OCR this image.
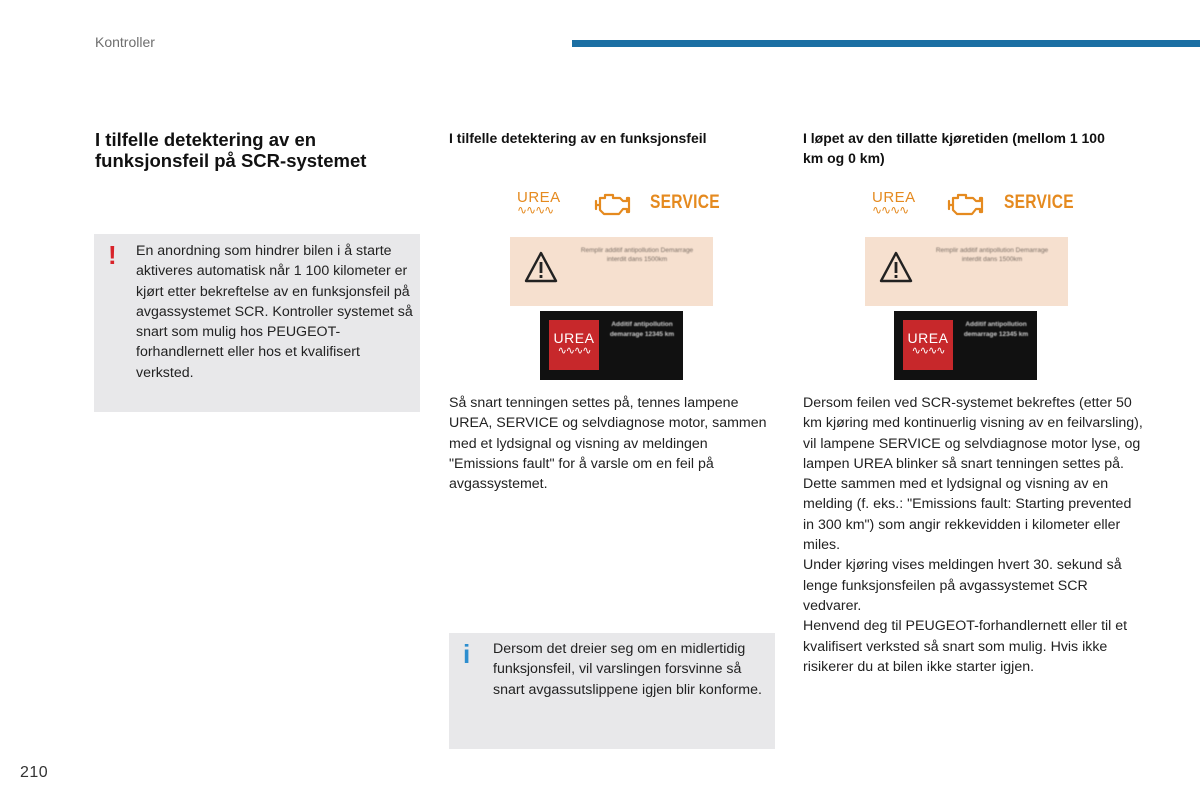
Kontroller
I tilfelle detektering av en funksjonsfeil på SCR-systemet
! En anordning som hindrer bilen i å starte aktiveres automatisk når 1 100 kilometer er kjørt etter bekreftelse av en funksjonsfeil på avgassystemet SCR. Kontroller systemet så snart som mulig hos PEUGEOT-forhandlernett eller hos et kvalifisert verksted.
I tilfelle detektering av en funksjonsfeil
UREA
∿∿∿∿	SERVICE
Remplir additif antipollution Demarrage interdit dans 1500km
UREA
∿∿∿∿
Additif antipollution demarrage 12345 km
Så snart tenningen settes på, tennes lampene UREA, SERVICE og selvdiagnose motor, sammen med et lydsignal og visning av meldingen "Emissions fault" for å varsle om en feil på avgassystemet.
i Dersom det dreier seg om en midlertidig funksjonsfeil, vil varslingen forsvinne så snart avgassutslippene igjen blir konforme.
I løpet av den tillatte kjøretiden (mellom 1 100 km og 0 km)
UREA
∿∿∿∿	SERVICE
Remplir additif antipollution Demarrage interdit dans 1500km
UREA
∿∿∿∿
Additif antipollution demarrage 12345 km
Dersom feilen ved SCR-systemet bekreftes (etter 50 km kjøring med kontinuerlig visning av en feilvarsling), vil lampene SERVICE og selvdiagnose motor lyse, og lampen UREA blinker så snart tenningen settes på. Dette sammen med et lydsignal og visning av en melding (f. eks.: "Emissions fault: Starting prevented in 300 km") som angir rekkevidden i kilometer eller miles.
Under kjøring vises meldingen hvert 30. sekund så lenge funksjonsfeilen på avgassystemet SCR vedvarer.
Henvend deg til PEUGEOT-forhandlernett eller til et kvalifisert verksted så snart som mulig. Hvis ikke risikerer du at bilen ikke starter igjen.
210
